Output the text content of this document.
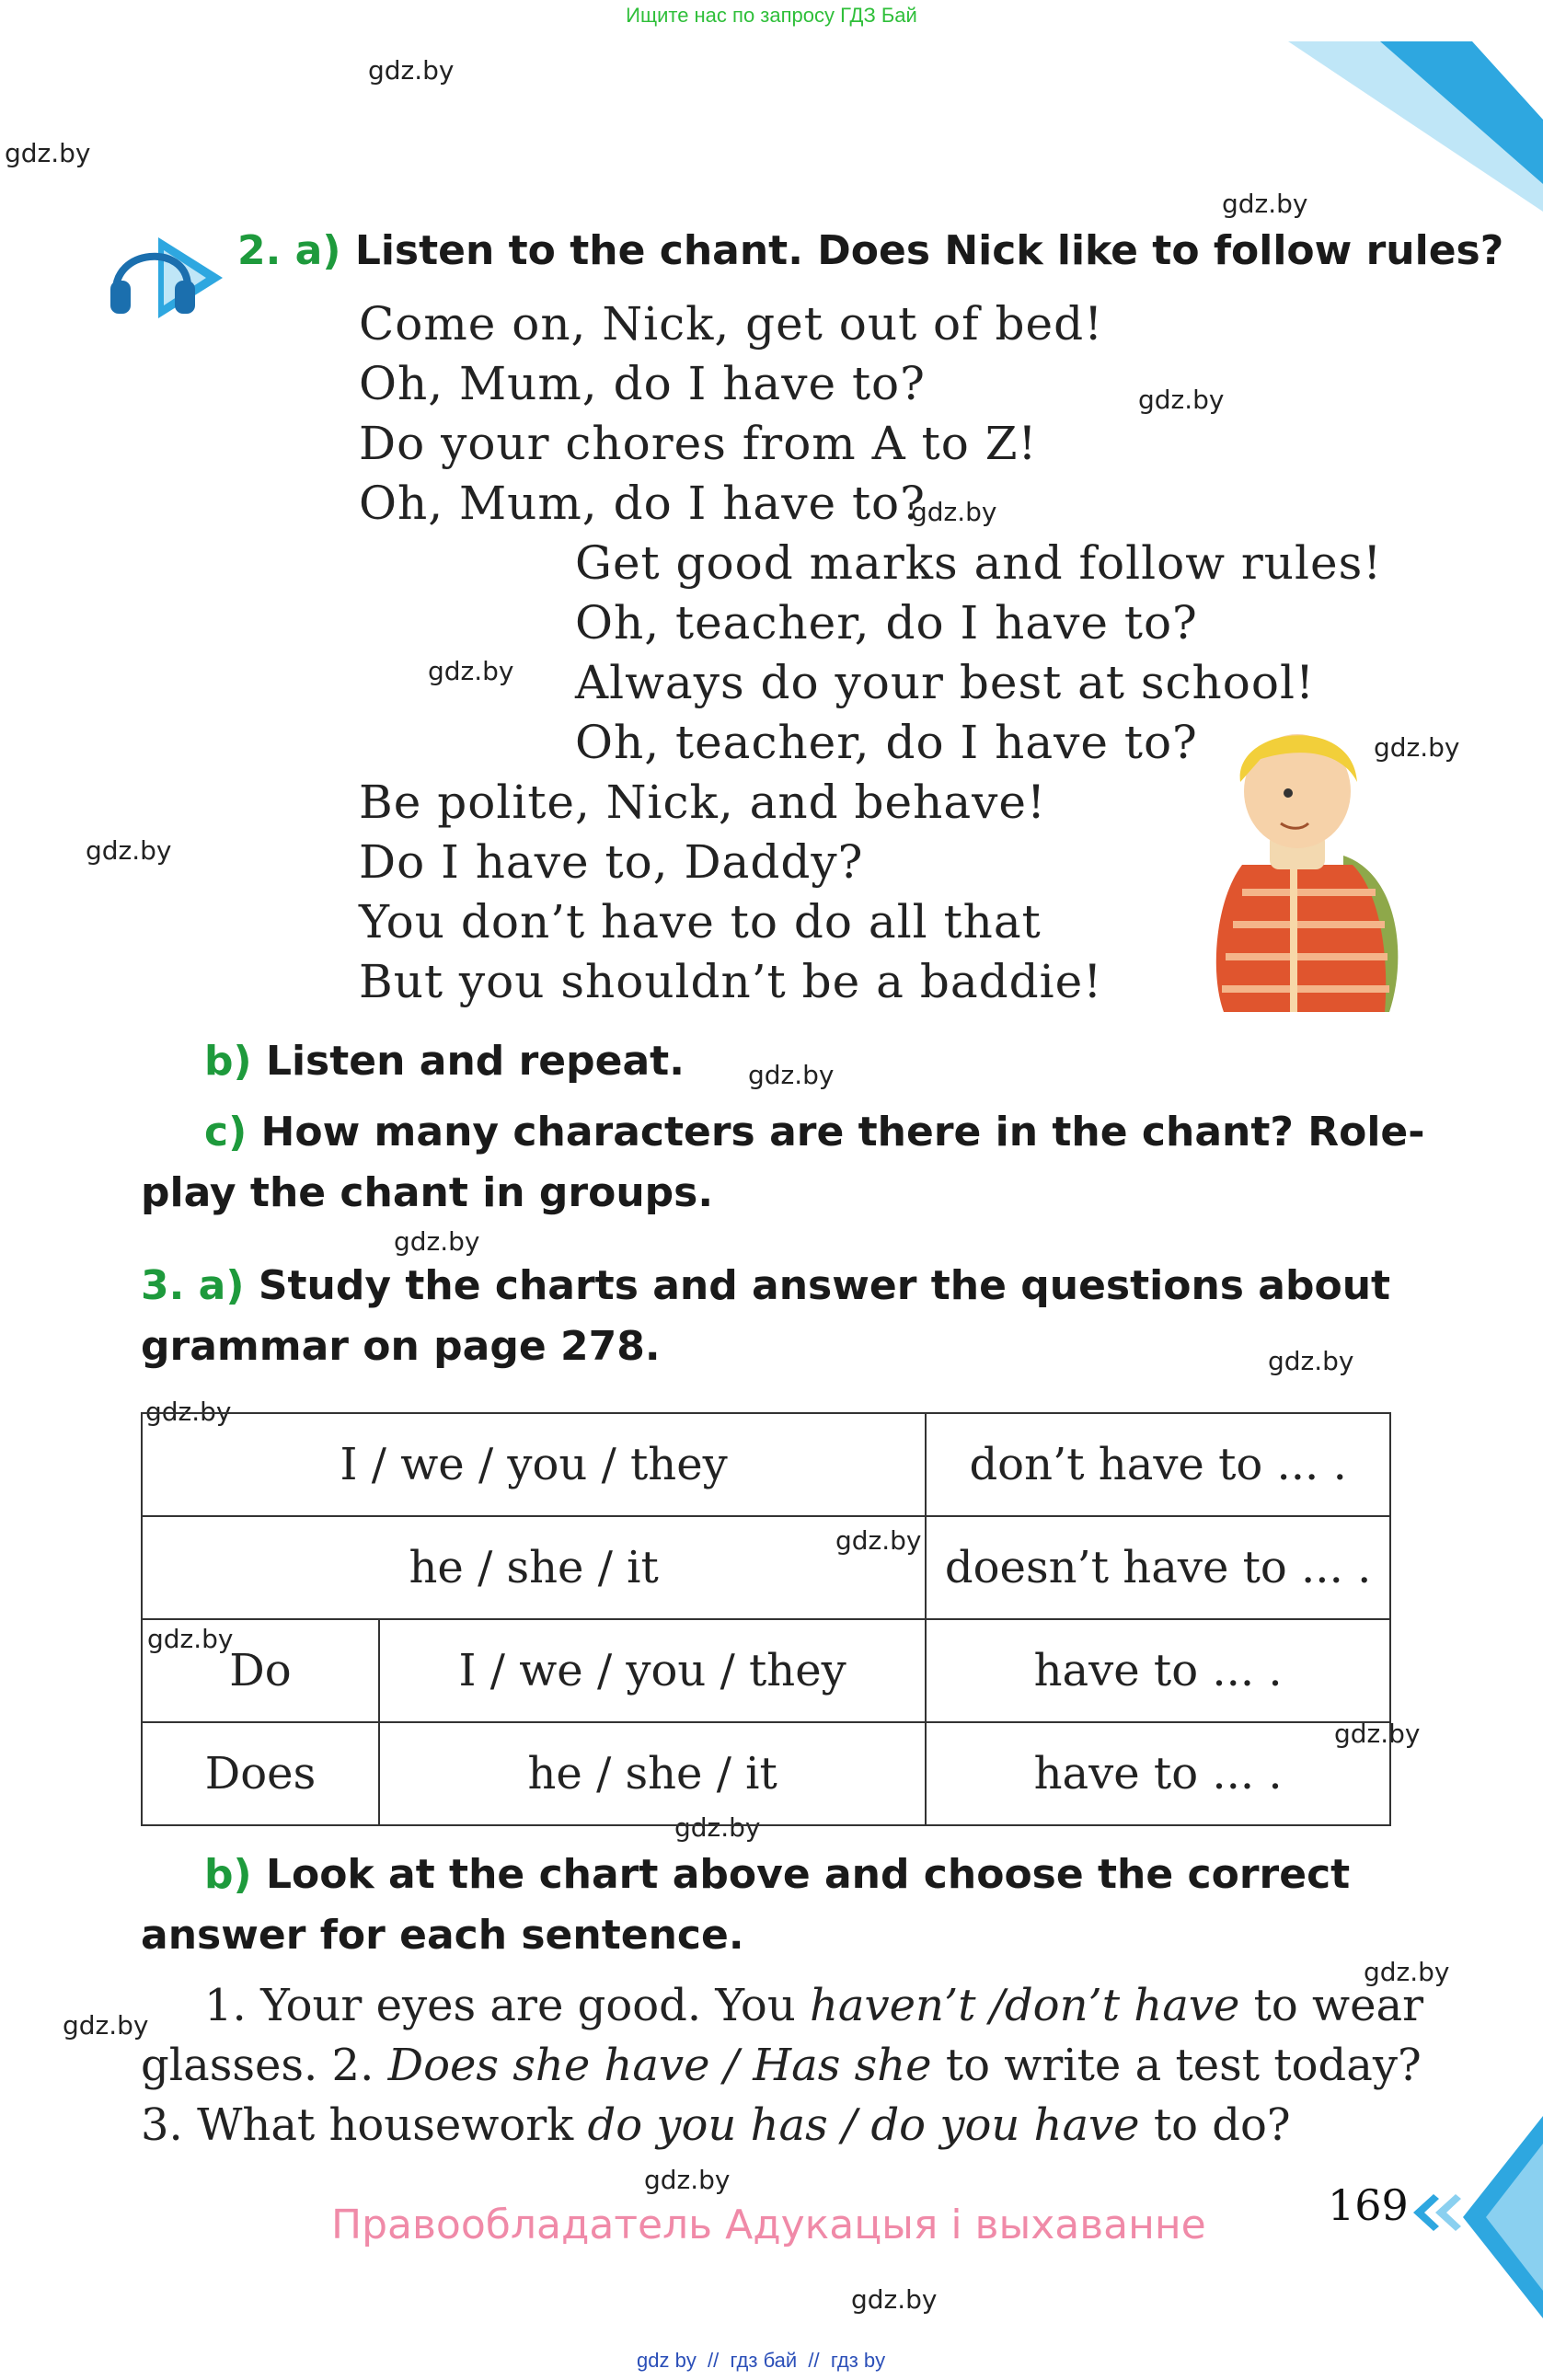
Ищите нас по запросу ГДЗ Бай
gdz.by
gdz.by
gdz.by
gdz.by
gdz.by
gdz.by
gdz.by
gdz.by
gdz.by
gdz.by
gdz.by
gdz.by
gdz.by
gdz.by
gdz.by
gdz.by
gdz.by
gdz.by
gdz.by
gdz.by
2. a) Listen to the chant. Does Nick like to follow rules?
Come on, Nick, get out of bed!
Oh, Mum, do I have to?
Do your chores from A to Z!
Oh, Mum, do I have to?
Get good marks and follow rules!
Oh, teacher, do I have to?
Always do your best at school!
Oh, teacher, do I have to?
Be polite, Nick, and behave!
Do I have to, Daddy?
You don’t have to do all that
But you shouldn’t be a baddie!
b) Listen and repeat.
c) How many characters are there in the chant? Role-
play the chant in groups.
3. a) Study the charts and answer the questions about
grammar on page 278.
I / we / you / they		don’t have to ... .
he / she / it		doesn’t have to ... .
Do	I / we / you / they	have to ... .
Does	he / she / it	have to ... .
b) Look at the chart above and choose the correct
answer for each sentence.
1. Your eyes are good. You haven’t /don’t have to wear
glasses. 2. Does she have / Has she to write a test today?
3. What housework do you has / do you have to do?
Правообладатель Адукацыя і выхаванне	169
gdz by  //  гдз бай  //  гдз by
